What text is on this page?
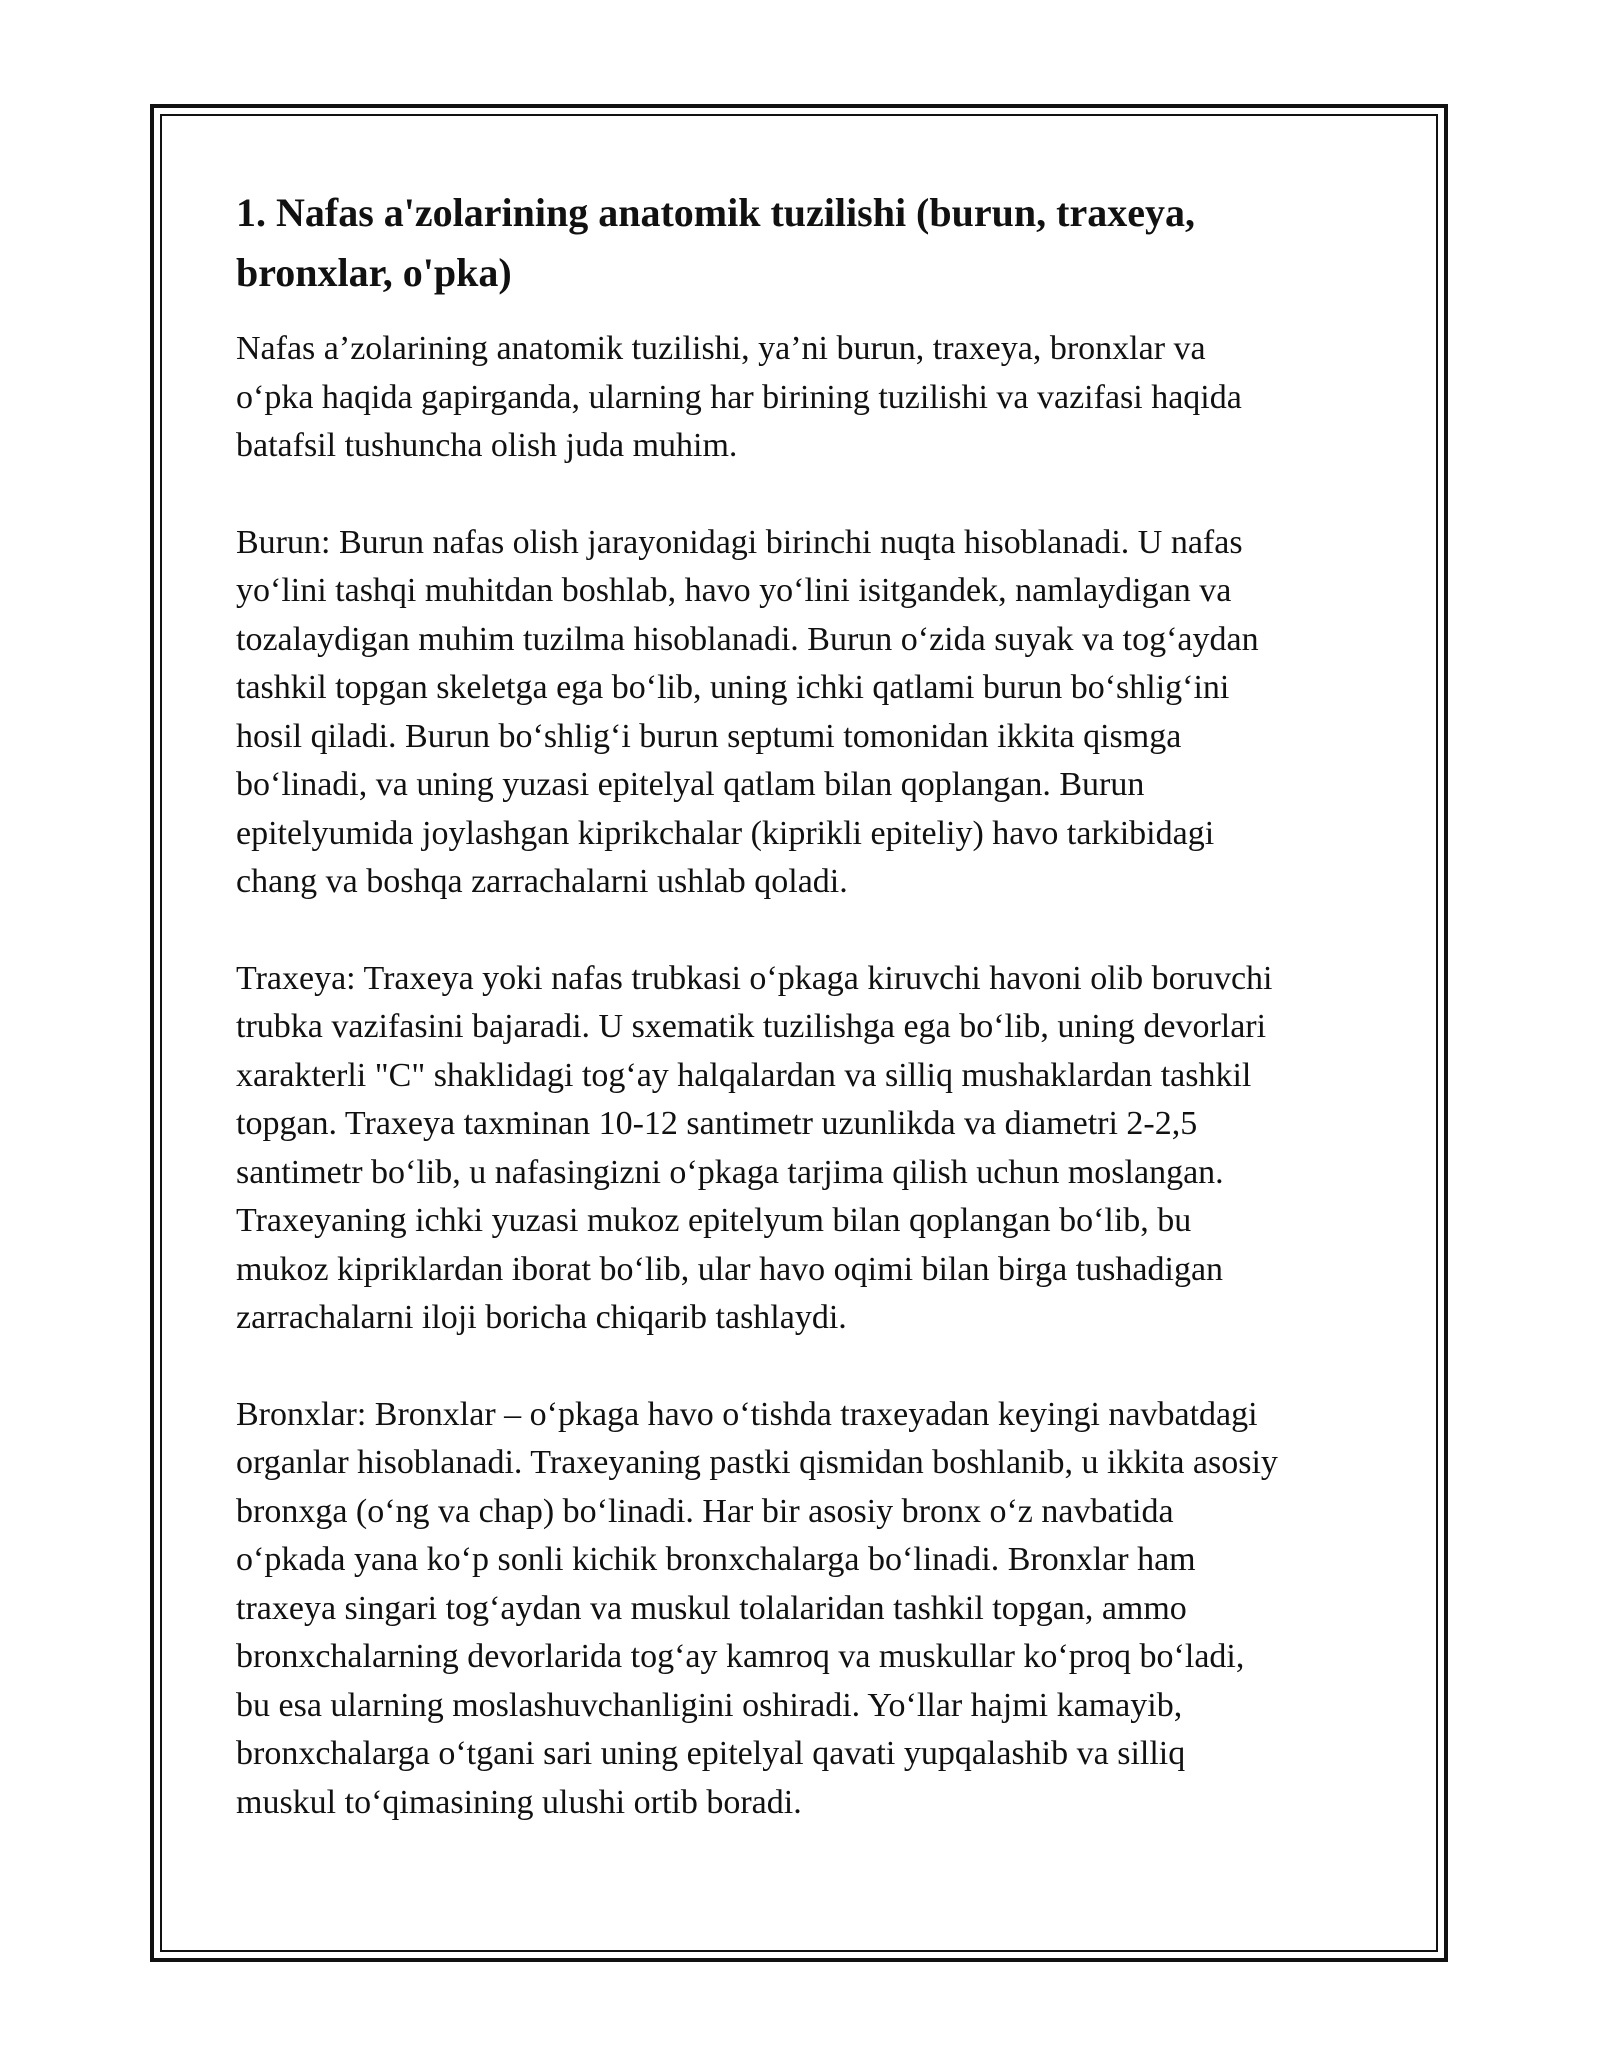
1. Nafas a'zolarining anatomik tuzilishi (burun, traxeya,
bronxlar, o'pka)

Nafas a’zolarining anatomik tuzilishi, ya’ni burun, traxeya, bronxlar va
o‘pka haqida gapirganda, ularning har birining tuzilishi va vazifasi haqida
batafsil tushuncha olish juda muhim.

Burun: Burun nafas olish jarayonidagi birinchi nuqta hisoblanadi. U nafas
yo‘lini tashqi muhitdan boshlab, havo yo‘lini isitgandek, namlaydigan va
tozalaydigan muhim tuzilma hisoblanadi. Burun o‘zida suyak va tog‘aydan
tashkil topgan skeletga ega bo‘lib, uning ichki qatlami burun bo‘shlig‘ini
hosil qiladi. Burun bo‘shlig‘i burun septumi tomonidan ikkita qismga
bo‘linadi, va uning yuzasi epitelyal qatlam bilan qoplangan. Burun
epitelyumida joylashgan kiprikchalar (kiprikli epiteliy) havo tarkibidagi
chang va boshqa zarrachalarni ushlab qoladi.

Traxeya: Traxeya yoki nafas trubkasi o‘pkaga kiruvchi havoni olib boruvchi
trubka vazifasini bajaradi. U sxematik tuzilishga ega bo‘lib, uning devorlari
xarakterli "C" shaklidagi tog‘ay halqalardan va silliq mushaklardan tashkil
topgan. Traxeya taxminan 10-12 santimetr uzunlikda va diametri 2-2,5
santimetr bo‘lib, u nafasingizni o‘pkaga tarjima qilish uchun moslangan.
Traxeyaning ichki yuzasi mukoz epitelyum bilan qoplangan bo‘lib, bu
mukoz kipriklardan iborat bo‘lib, ular havo oqimi bilan birga tushadigan
zarrachalarni iloji boricha chiqarib tashlaydi.

Bronxlar: Bronxlar – o‘pkaga havo o‘tishda traxeyadan keyingi navbatdagi
organlar hisoblanadi. Traxeyaning pastki qismidan boshlanib, u ikkita asosiy
bronxga (o‘ng va chap) bo‘linadi. Har bir asosiy bronx o‘z navbatida
o‘pkada yana ko‘p sonli kichik bronxchalarga bo‘linadi. Bronxlar ham
traxeya singari tog‘aydan va muskul tolalaridan tashkil topgan, ammo
bronxchalarning devorlarida tog‘ay kamroq va muskullar ko‘proq bo‘ladi,
bu esa ularning moslashuvchanligini oshiradi. Yo‘llar hajmi kamayib,
bronxchalarga o‘tgani sari uning epitelyal qavati yupqalashib va silliq
muskul to‘qimasining ulushi ortib boradi.
